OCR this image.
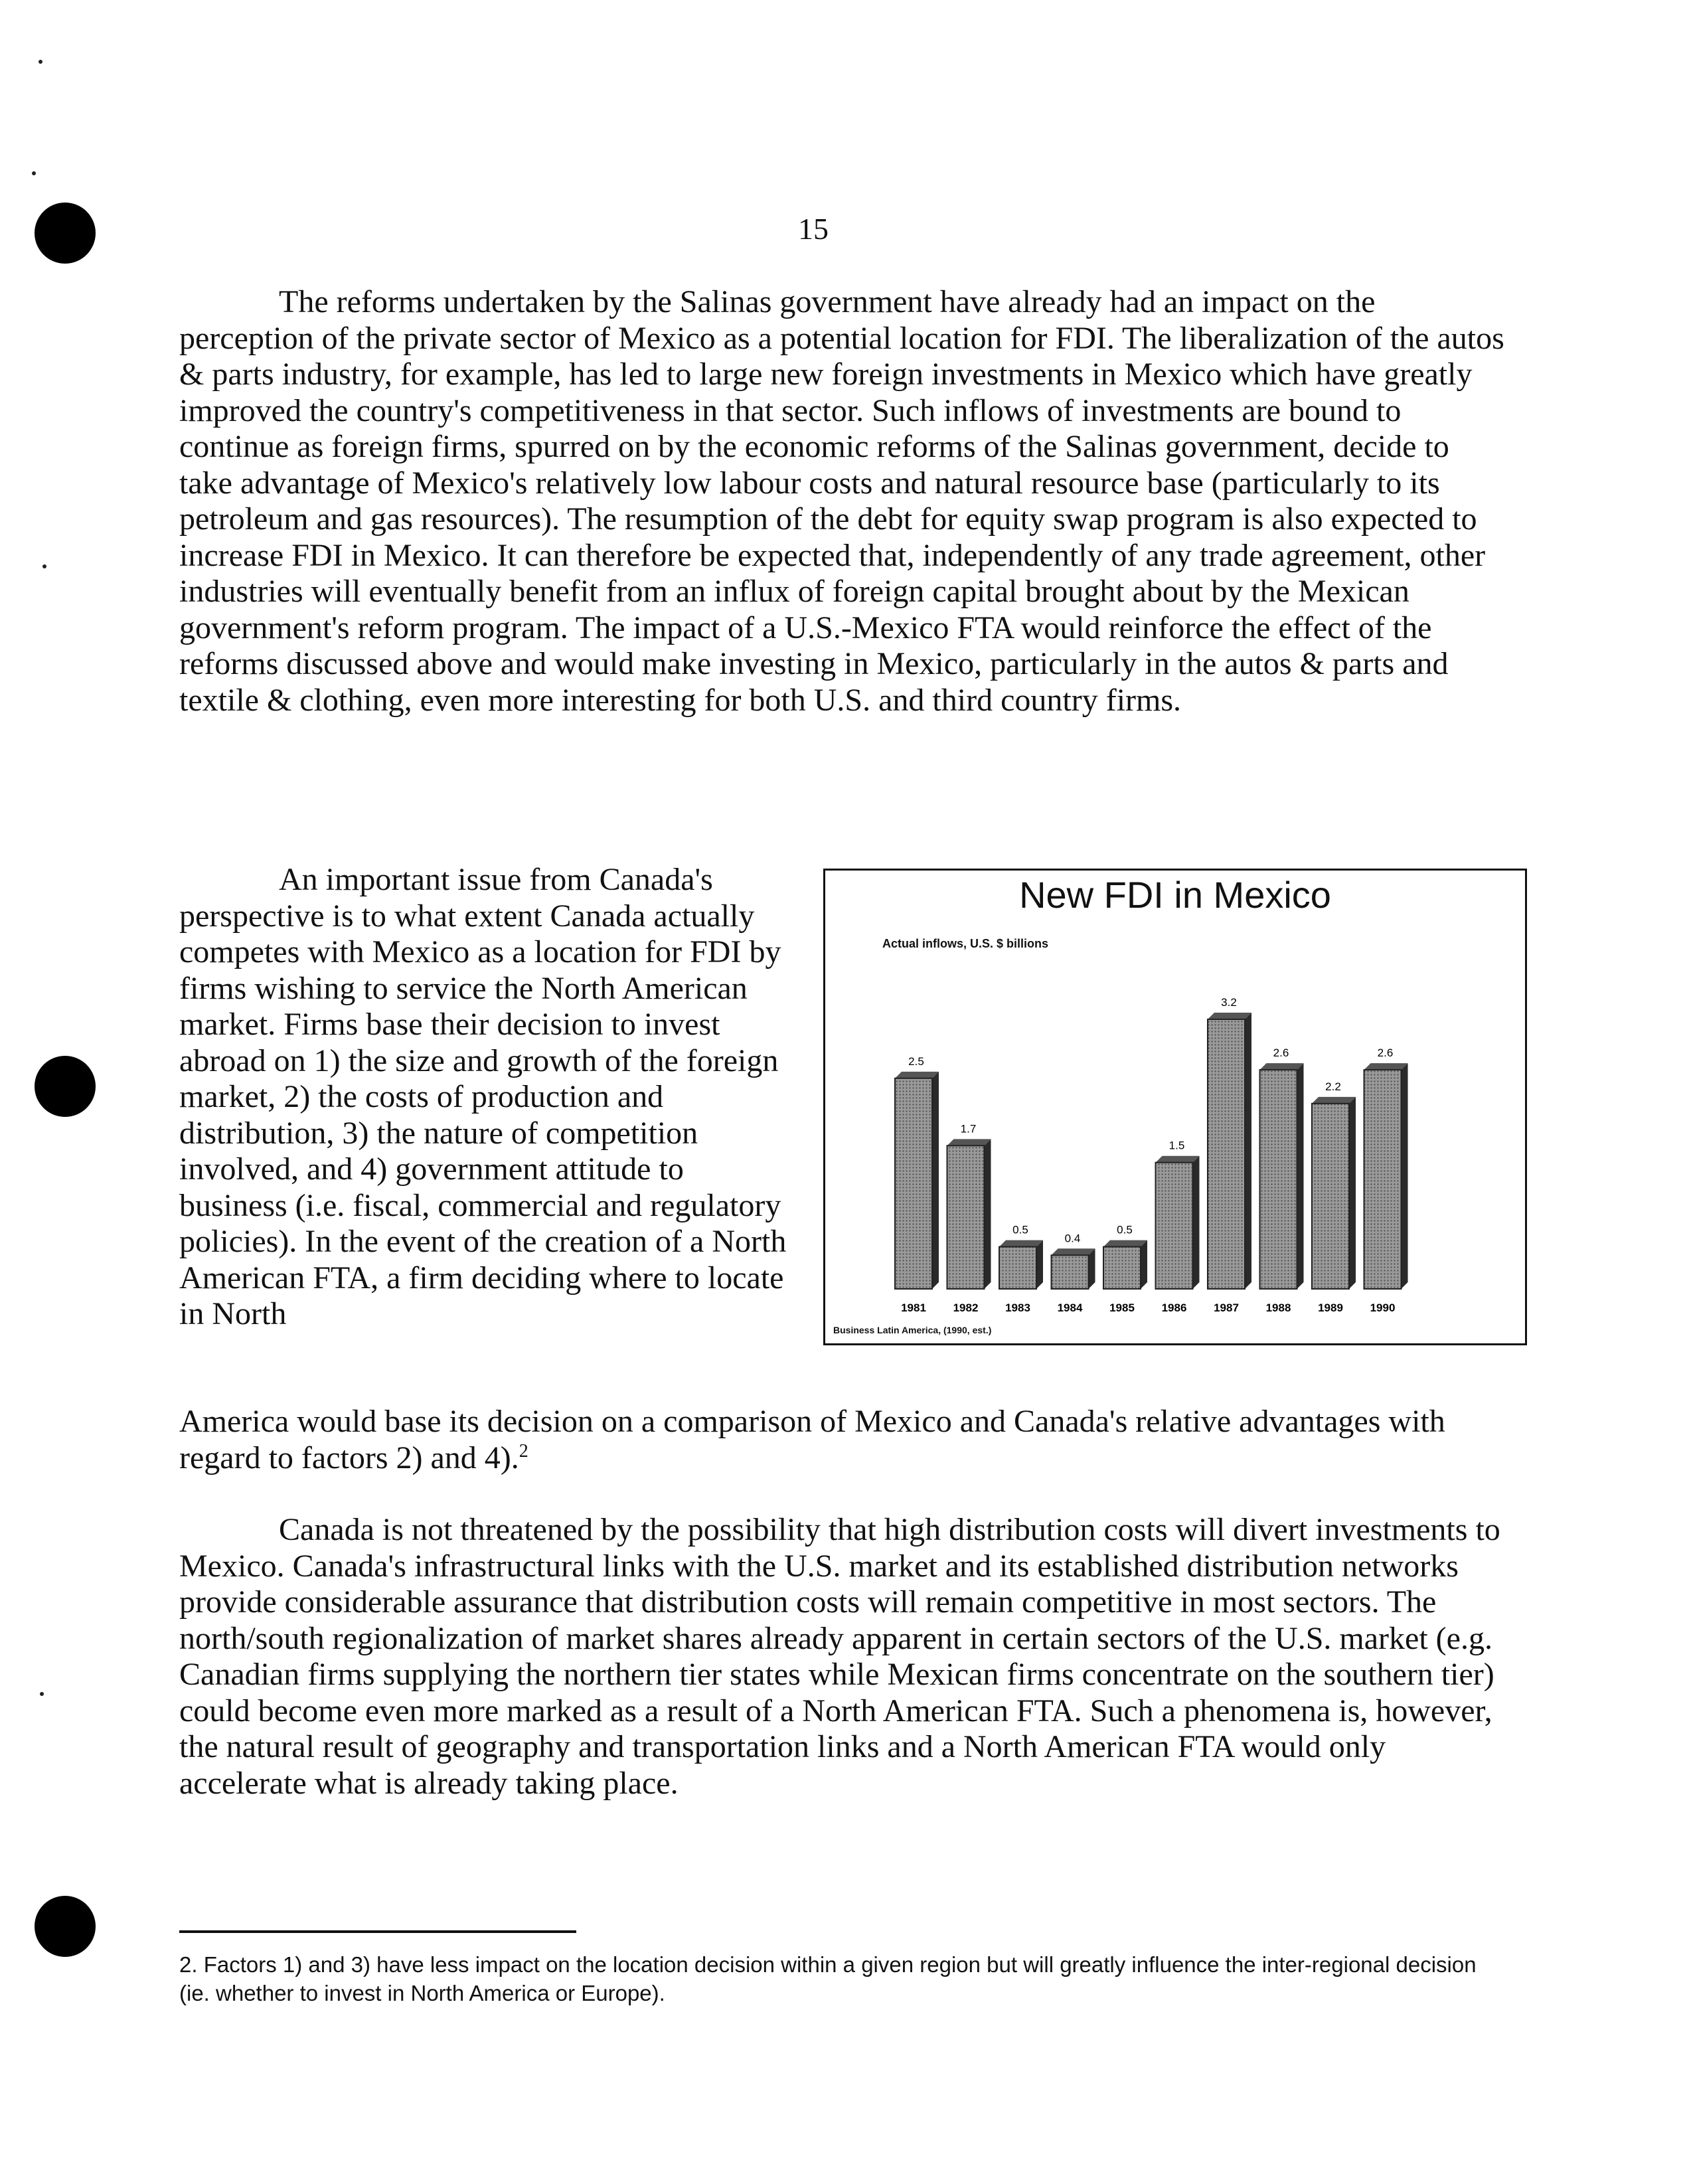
15

The reforms undertaken by the Salinas government have already had an impact on the perception of the private sector of Mexico as a potential location for FDI. The liberalization of the autos & parts industry, for example, has led to large new foreign investments in Mexico which have greatly improved the country's competitiveness in that sector. Such inflows of investments are bound to continue as foreign firms, spurred on by the economic reforms of the Salinas government, decide to take advantage of Mexico's relatively low labour costs and natural resource base (particularly to its petroleum and gas resources). The resumption of the debt for equity swap program is also expected to increase FDI in Mexico. It can therefore be expected that, independently of any trade agreement, other industries will eventually benefit from an influx of foreign capital brought about by the Mexican government's reform program. The impact of a U.S.-Mexico FTA would reinforce the effect of the reforms discussed above and would make investing in Mexico, particularly in the autos & parts and textile & clothing, even more interesting for both U.S. and third country firms.

An important issue from Canada's perspective is to what extent Canada actually competes with Mexico as a location for FDI by firms wishing to service the North American market. Firms base their decision to invest abroad on 1) the size and growth of the foreign market, 2) the costs of production and distribution, 3) the nature of competition involved, and 4) government attitude to business (i.e. fiscal, commercial and regulatory policies). In the event of the creation of a North American FTA, a firm deciding where to locate in North

America would base its decision on a comparison of Mexico and Canada's relative advantages with regard to factors 2) and 4).$^2$

Canada is not threatened by the possibility that high distribution costs will divert investments to Mexico. Canada's infrastructural links with the U.S. market and its established distribution networks provide considerable assurance that distribution costs will remain competitive in most sectors. The north/south regionalization of market shares already apparent in certain sectors of the U.S. market (e.g. Canadian firms supplying the northern tier states while Mexican firms concentrate on the southern tier) could become even more marked as a result of a North American FTA. Such a phenomena is, however, the natural result of geography and transportation links and a North American FTA would only accelerate what is already taking place.

New FDI in Mexico
Actual inflows, U.S. $ billions
2.5
1981
1.7
1982
0.5
1983
0.4
1984
0.5
1985
1.5
1986
3.2
1987
2.6
1988
2.2
1989
2.6
1990
Business Latin America, (1990, est.)

2. Factors 1) and 3) have less impact on the location decision within a given region but will greatly influence the inter-regional decision (ie. whether to invest in North America or Europe).
